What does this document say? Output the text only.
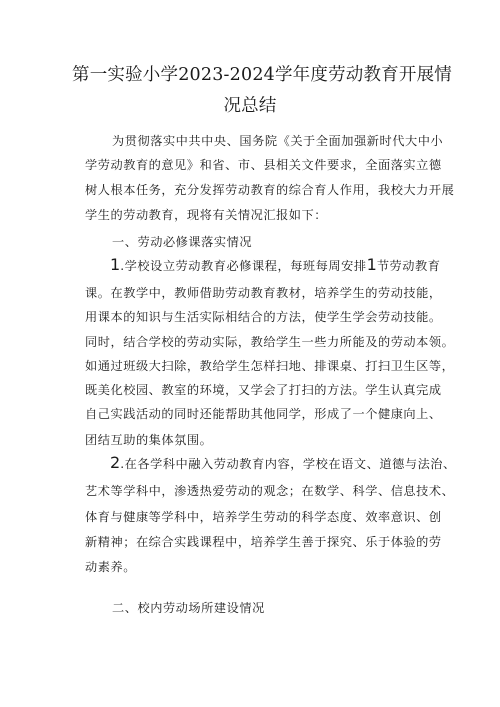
第一实验小学2023-2024学年度劳动教育开展情
况总结
为贯彻落实中共中央、国务院《关于全面加强新时代大中小
学劳动教育的意见》和省、市、县相关文件要求，全面落实立德
树人根本任务，充分发挥劳动教育的综合育人作用，我校大力开展
学生的劳动教育，现将有关情况汇报如下：
一、劳动必修课落实情况
1.学校设立劳动教育必修课程，每班每周安排1节劳动教育
课。在教学中，教师借助劳动教育教材，培养学生的劳动技能，
用课本的知识与生活实际相结合的方法，使学生学会劳动技能。
同时，结合学校的劳动实际，教给学生一些力所能及的劳动本领。
如通过班级大扫除，教给学生怎样扫地、排课桌、打扫卫生区等，
既美化校园、教室的环境，又学会了打扫的方法。学生认真完成
自己实践活动的同时还能帮助其他同学，形成了一个健康向上、
团结互助的集体氛围。
2.在各学科中融入劳动教育内容，学校在语文、道德与法治、
艺术等学科中，渗透热爱劳动的观念；在数学、科学、信息技术、
体育与健康等学科中，培养学生劳动的科学态度、效率意识、创
新精神；在综合实践课程中，培养学生善于探究、乐于体验的劳
动素养。
二、校内劳动场所建设情况
